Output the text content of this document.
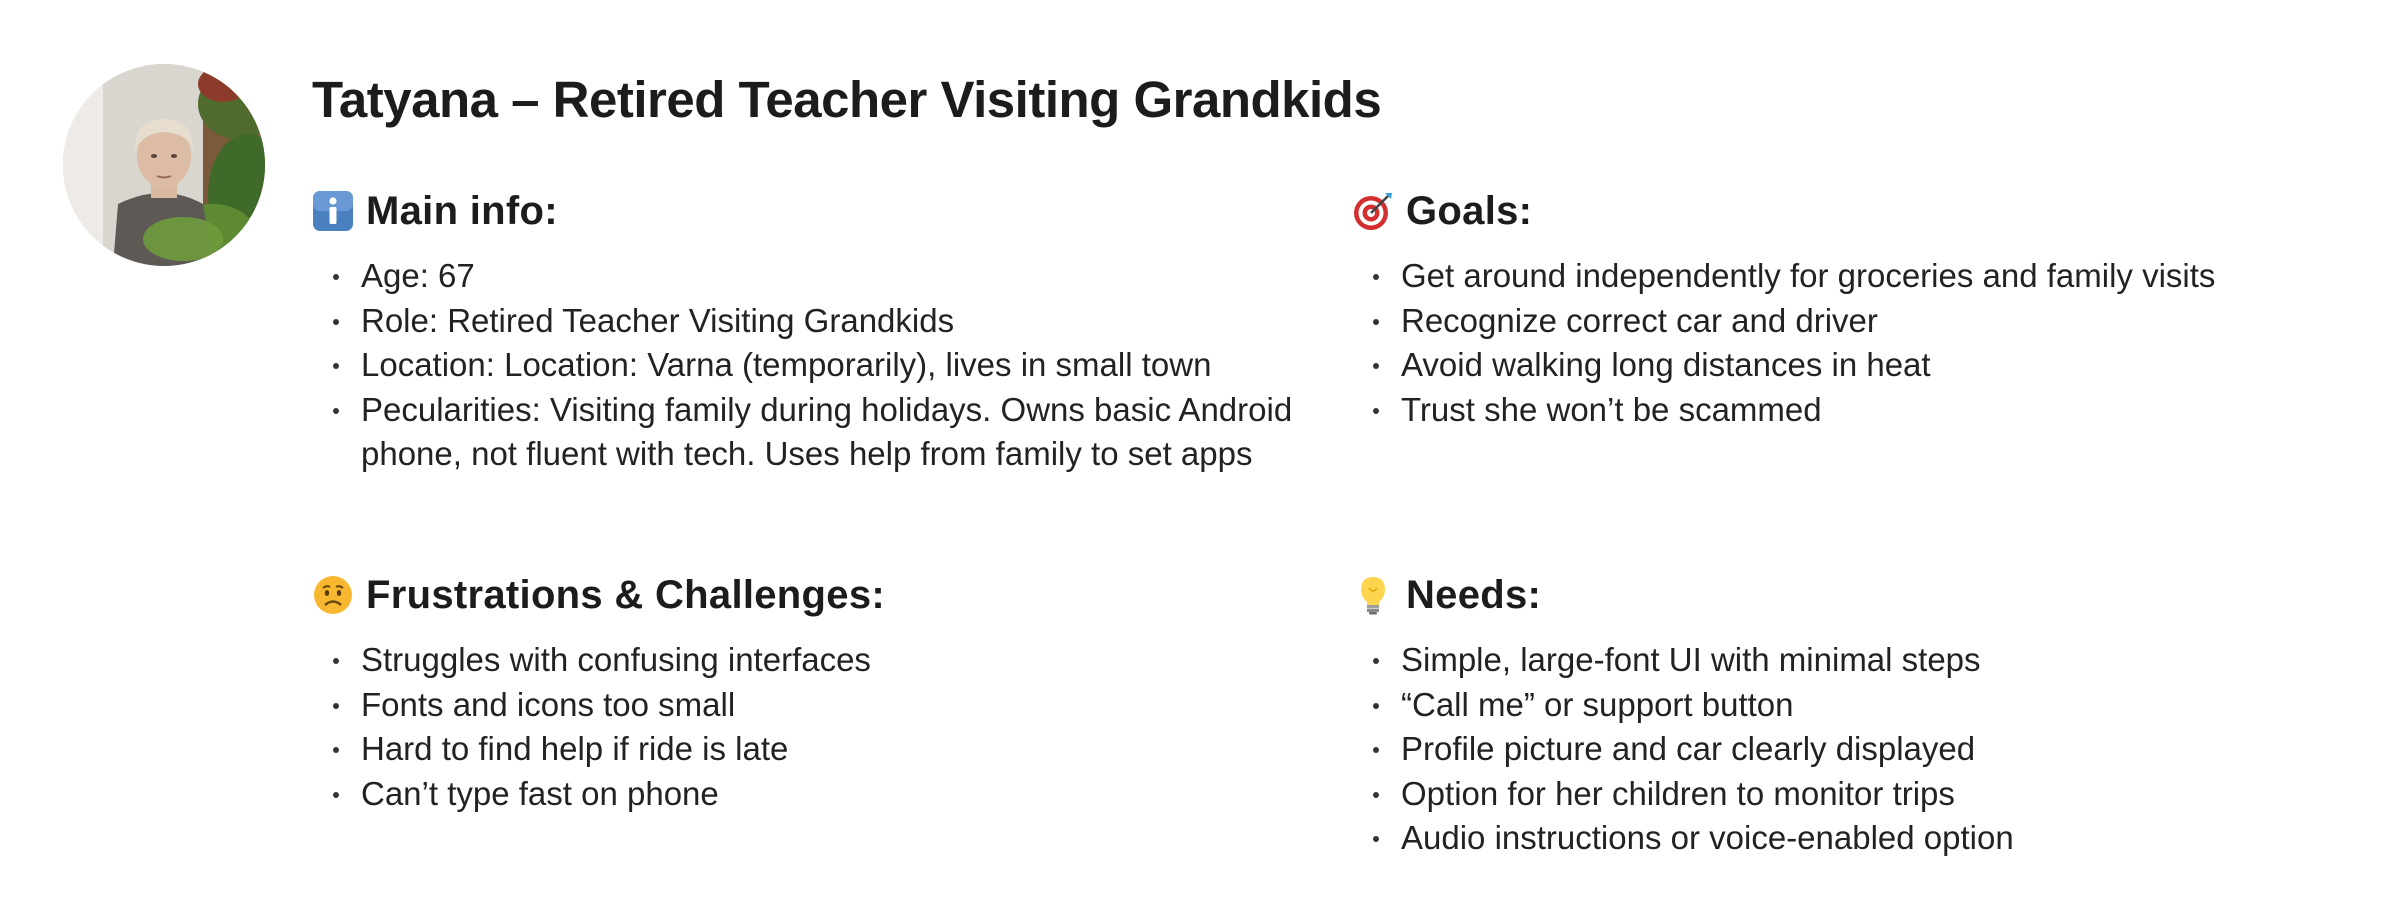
Tatyana – Retired Teacher Visiting Grandkids
Main info:
Age: 67
Role: Retired Teacher Visiting Grandkids
Location: Location: Varna (temporarily), lives in small town
Pecularities: Visiting family during holidays. Owns basic Android phone, not fluent with tech. Uses help from family to set apps
Goals:
Get around independently for groceries and family visits
Recognize correct car and driver
Avoid walking long distances in heat
Trust she won’t be scammed
Frustrations & Challenges:
Struggles with confusing interfaces
Fonts and icons too small
Hard to find help if ride is late
Can’t type fast on phone
Needs:
Simple, large-font UI with minimal steps
“Call me” or support button
Profile picture and car clearly displayed
Option for her children to monitor trips
Audio instructions or voice-enabled option
